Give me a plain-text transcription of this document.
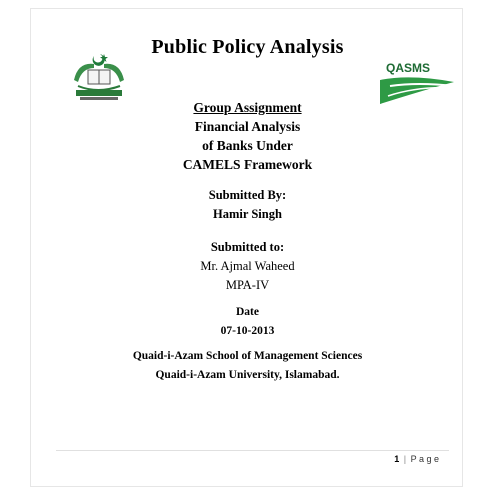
Public Policy Analysis
QASMS
Group Assignment
Financial Analysis
of Banks Under
CAMELS Framework
Submitted By:
Hamir Singh
Submitted to:
Mr. Ajmal Waheed
MPA-IV
Date
07-10-2013
Quaid-i-Azam School of Management Sciences
Quaid-i-Azam University, Islamabad.
1 | P a g e
